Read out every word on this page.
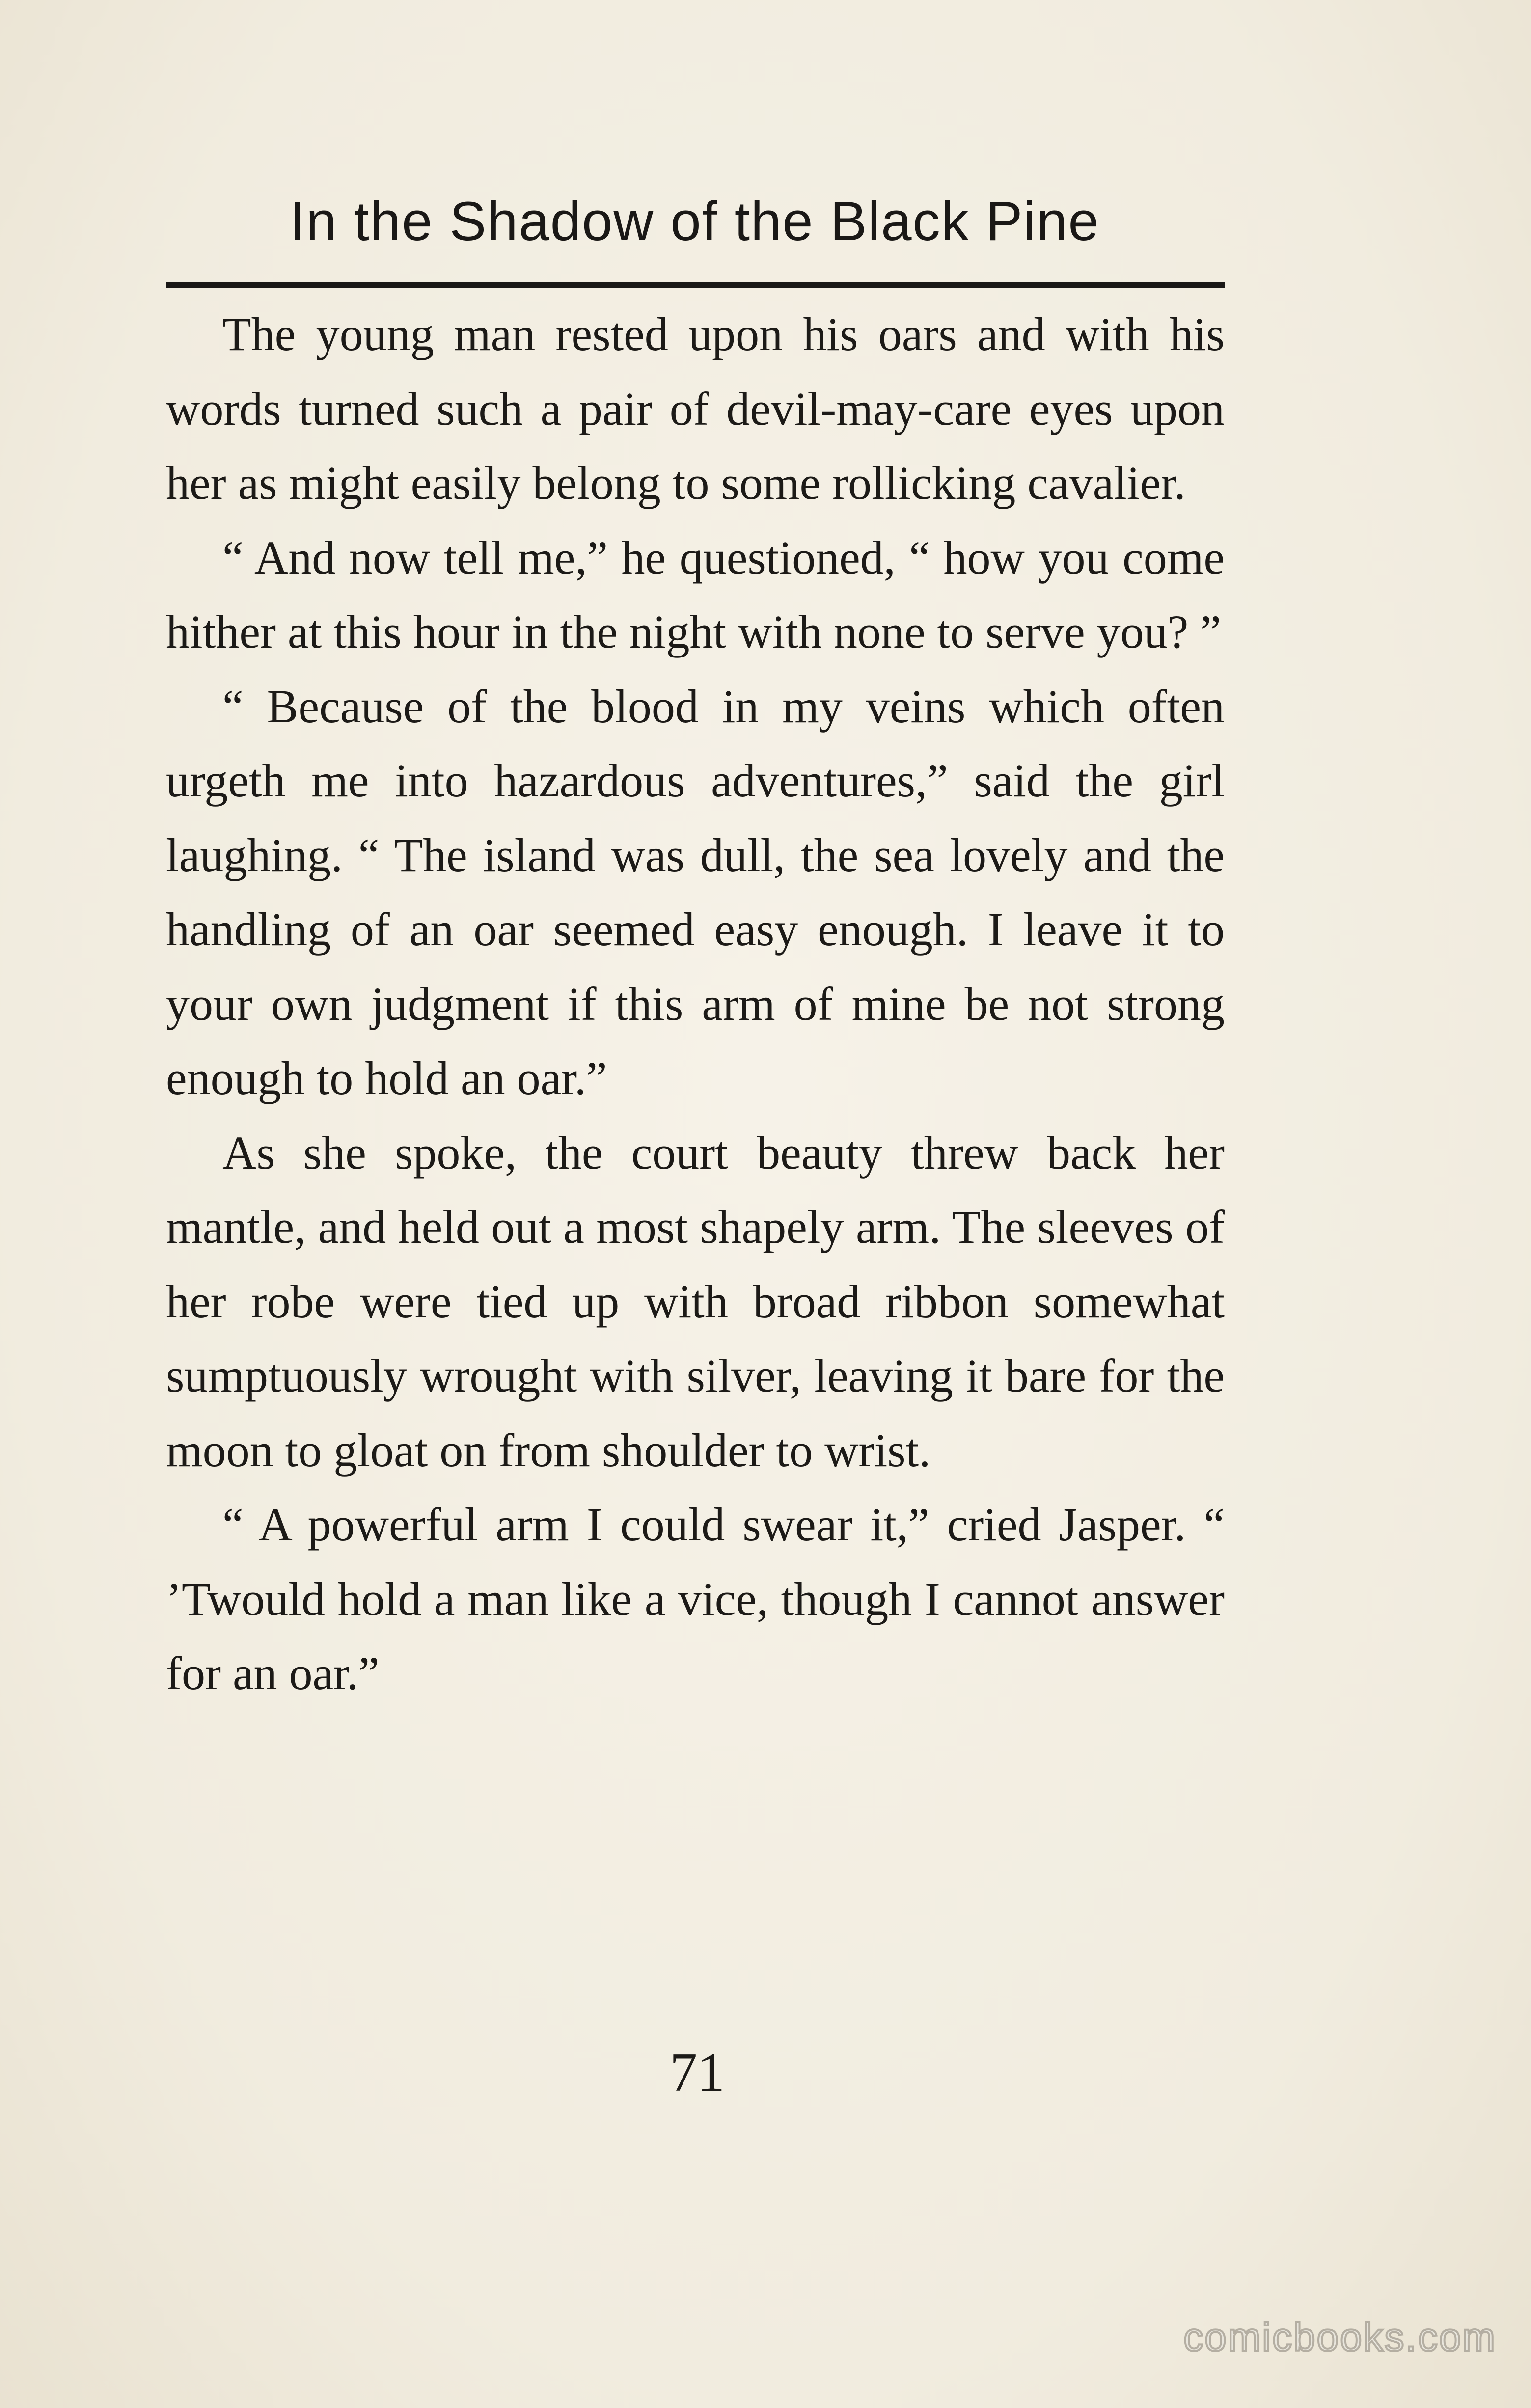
In the Shadow of the Black Pine

The young man rested upon his oars and with his words turned such a pair of devil-may-care eyes upon her as might easily belong to some rollicking cavalier.

“ And now tell me,” he questioned, “ how you come hither at this hour in the night with none to serve you? ”

“ Because of the blood in my veins which often urgeth me into hazardous adventures,” said the girl laughing. “ The island was dull, the sea lovely and the handling of an oar seemed easy enough. I leave it to your own judgment if this arm of mine be not strong enough to hold an oar.”

As she spoke, the court beauty threw back her mantle, and held out a most shapely arm. The sleeves of her robe were tied up with broad ribbon somewhat sumptuously wrought with silver, leaving it bare for the moon to gloat on from shoulder to wrist.

“ A powerful arm I could swear it,” cried Jasper. “ ’Twould hold a man like a vice, though I cannot answer for an oar.”

71
comicbooks.com
